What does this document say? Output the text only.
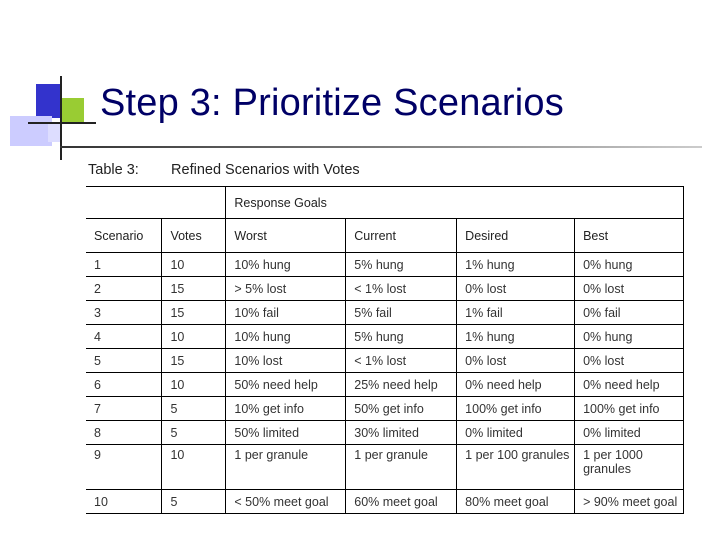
Step 3: Prioritize Scenarios
Table 3: Refined Scenarios with Votes
		Response Goals			
Scenario	Votes	Worst	Current	Desired	Best
1	10	10% hung	5% hung	1% hung	0% hung
2	15	> 5% lost	< 1% lost	0% lost	0% lost
3	15	10% fail	5% fail	1% fail	0% fail
4	10	10% hung	5% hung	1% hung	0% hung
5	15	10% lost	< 1% lost	0% lost	0% lost
6	10	50% need help	25% need help	0% need help	0% need help
7	5	10% get info	50% get info	100% get info	100% get info
8	5	50% limited	30% limited	0% limited	0% limited
9	10	1 per granule	1 per granule	1 per 100 granules	1 per 1000 granules
10	5	< 50% meet goal	60% meet goal	80% meet goal	> 90% meet goal
